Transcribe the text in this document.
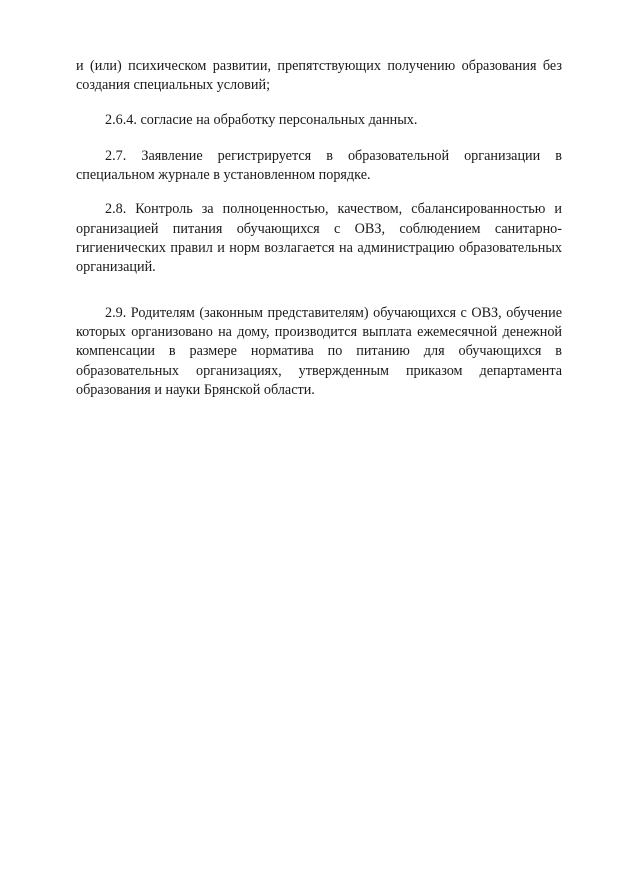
и (или) психическом развитии, препятствующих получению образования без создания специальных условий;

2.6.4. согласие на обработку персональных данных.

2.7. Заявление регистрируется в образовательной организации в специальном журнале в установленном порядке.

2.8. Контроль за полноценностью, качеством, сбалансированностью и организацией питания обучающихся с ОВЗ, соблюдением санитарно-гигиенических правил и норм возлагается на администрацию образовательных организаций.

2.9. Родителям (законным представителям) обучающихся с ОВЗ, обучение которых организовано на дому, производится выплата ежемесячной денежной компенсации в размере норматива по питанию для обучающихся в образовательных организациях, утвержденным приказом департамента образования и науки Брянской области.
